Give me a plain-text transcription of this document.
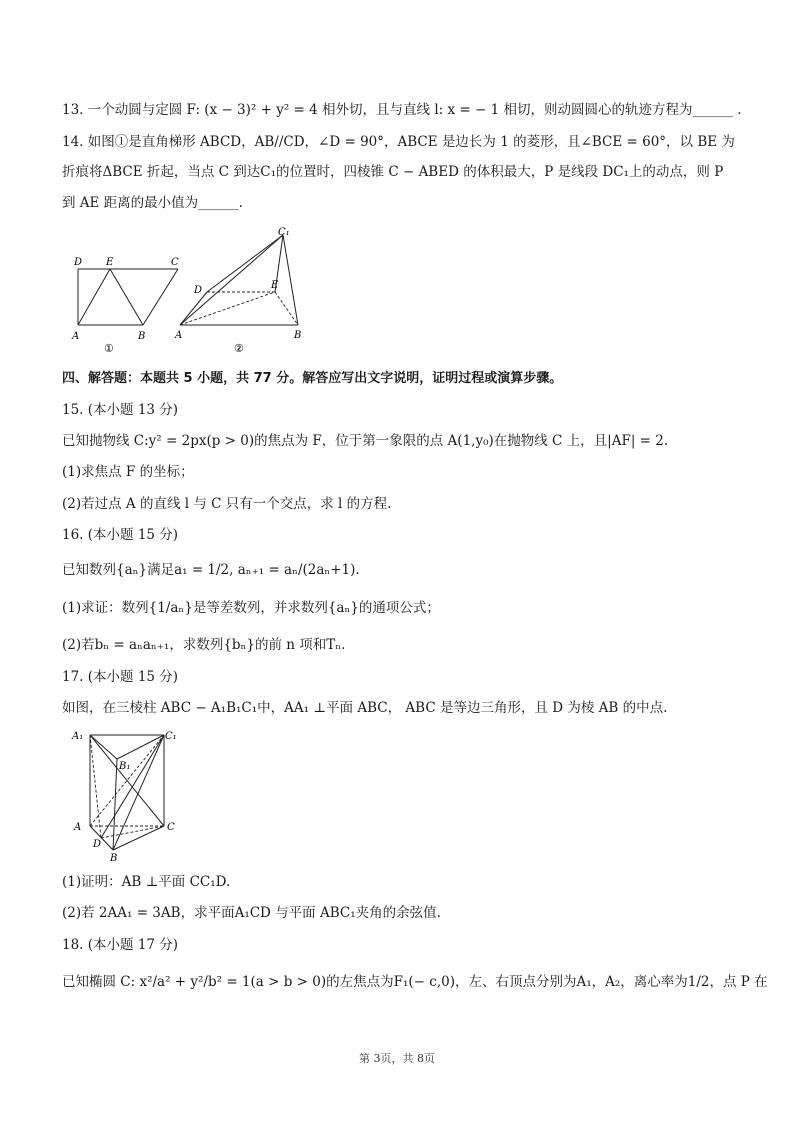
13. 一个动圆与定圆 F: (x − 3)² + y² = 4 相外切，且与直线 l: x = − 1 相切，则动圆圆心的轨迹方程为______ .
14. 如图①是直角梯形 ABCD，AB//CD，∠D = 90°，ABCE 是边长为 1 的菱形，且∠BCE = 60°，以 BE 为
折痕将ΔBCE 折起，当点 C 到达C₁的位置时，四棱锥 C − ABED 的体积最大，P 是线段 DC₁上的动点，则 P
到 AE 距离的最小值为______.
D E	C
A	B
①
C₁
D	E
A	B
②
四、解答题：本题共 5 小题，共 77 分。解答应写出文字说明，证明过程或演算步骤。
15. (本小题 13 分)
已知抛物线 C:y² = 2px(p > 0)的焦点为 F，位于第一象限的点 A(1,y₀)在抛物线 C 上，且|AF| = 2.
(1)求焦点 F 的坐标；
(2)若过点 A 的直线 l 与 C 只有一个交点，求 l 的方程.
16. (本小题 15 分)
已知数列{aₙ}满足a₁ = 1/2, aₙ₊₁ = aₙ/(2aₙ+1).
(1)求证：数列{1/aₙ}是等差数列，并求数列{aₙ}的通项公式；
(2)若bₙ = aₙaₙ₊₁，求数列{bₙ}的前 n 项和Tₙ.
17. (本小题 15 分)
如图，在三棱柱 ABC − A₁B₁C₁中，AA₁ ⊥平面 ABC， ABC 是等边三角形，且 D 为棱 AB 的中点.
A₁	C₁
B₁
A	C
D
B
(1)证明：AB ⊥平面 CC₁D.
(2)若 2AA₁ = 3AB，求平面A₁CD 与平面 ABC₁夹角的余弦值.
18. (本小题 17 分)
已知椭圆 C: x²/a² + y²/b² = 1(a > b > 0)的左焦点为F₁(− c,0)，左、右顶点分别为A₁，A₂，离心率为1/2，点 P 在
第 3页，共 8页
